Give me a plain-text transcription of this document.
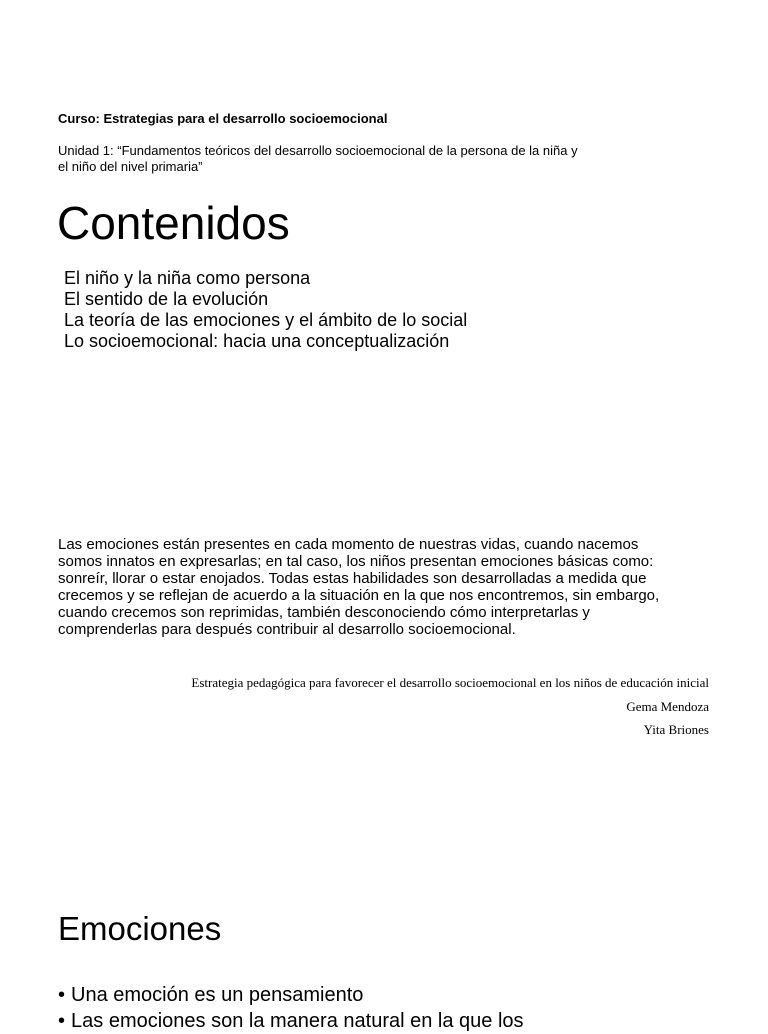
Curso: Estrategias para el desarrollo socioemocional
Unidad 1: “Fundamentos teóricos del desarrollo socioemocional de la persona de la niña y
el niño del nivel primaria”
Contenidos
El niño y la niña como persona
El sentido de la evolución
La teoría de las emociones y el ámbito de lo social
Lo socioemocional: hacia una conceptualización
Las emociones están presentes en cada momento de nuestras vidas, cuando nacemos
somos innatos en expresarlas; en tal caso, los niños presentan emociones básicas como:
sonreír, llorar o estar enojados. Todas estas habilidades son desarrolladas a medida que
crecemos y se reflejan de acuerdo a la situación en la que nos encontremos, sin embargo,
cuando crecemos son reprimidas, también desconociendo cómo interpretarlas y
comprenderlas para después contribuir al desarrollo socioemocional.
Estrategia pedagógica para favorecer el desarrollo socioemocional en los niños de educación inicial
Gema Mendoza
Yita Briones
Emociones
• Una emoción es un pensamiento
• Las emociones son la manera natural en la que los
